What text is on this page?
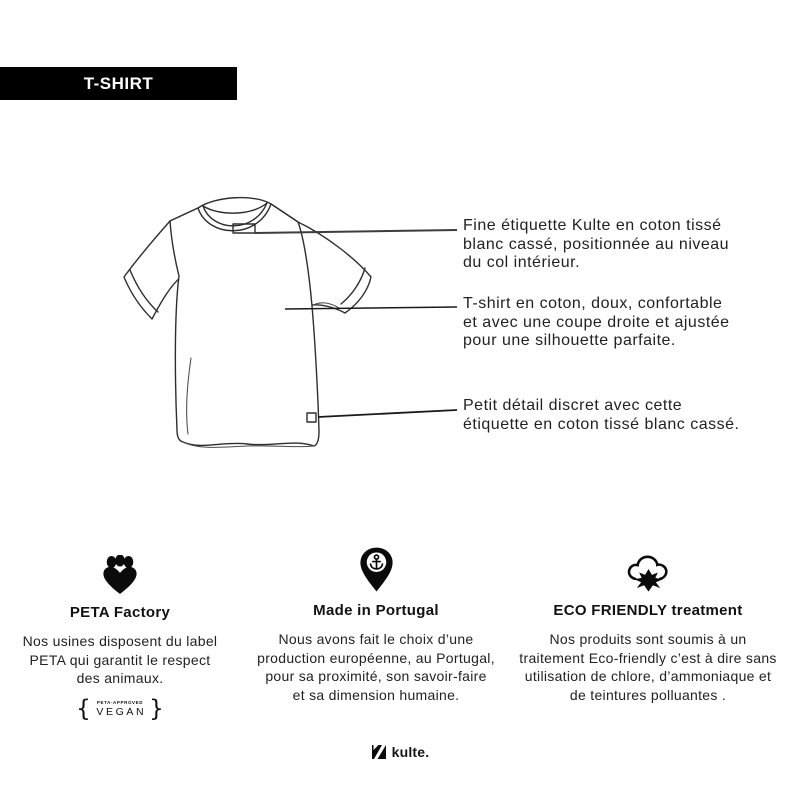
T-SHIRT
Fine étiquette Kulte en coton tissé
blanc cassé, positionnée au niveau
du col intérieur.
T-shirt en coton, doux, confortable
et avec une coupe droite et ajustée
pour une silhouette parfaite.
Petit détail discret avec cette
étiquette en coton tissé blanc cassé.
PETA Factory
Nos usines disposent du label
PETA qui garantit le respect
des animaux.
{ PETA-APPROVED
VEGAN }
Made in Portugal
Nous avons fait le choix d’une
production européenne, au Portugal,
pour sa proximité, son savoir-faire
et sa dimension humaine.
ECO FRIENDLY treatment
Nos produits sont soumis à un
traitement Eco-friendly c’est à dire sans
utilisation de chlore, d’ammoniaque et
de teintures polluantes .
kulte.
